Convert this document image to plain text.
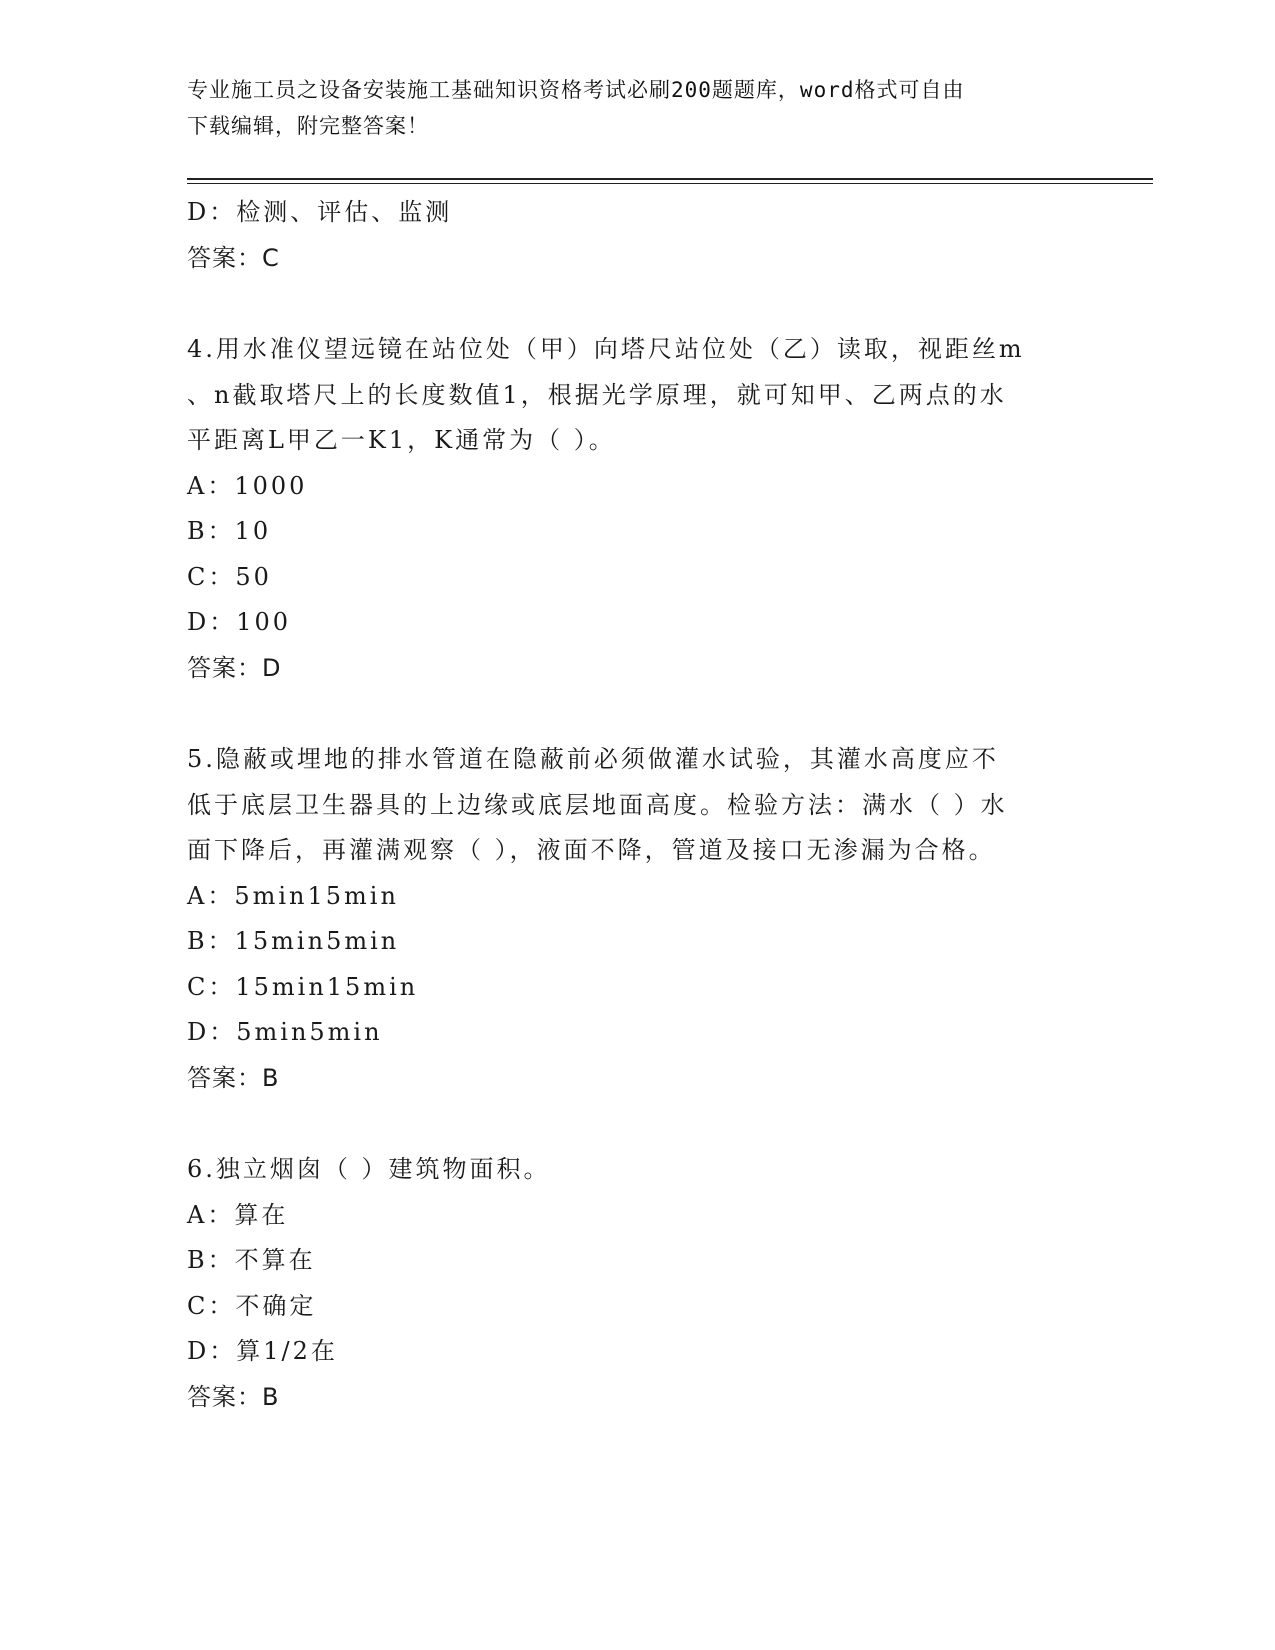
专业施工员之设备安装施工基础知识资格考试必刷200题题库，word格式可自由
下载编辑，附完整答案！
D：检测、评估、监测
答案：C
4.用水准仪望远镜在站位处（甲）向塔尺站位处（乙）读取，视距丝m
、n截取塔尺上的长度数值1，根据光学原理，就可知甲、乙两点的水
平距离L甲乙一K1，K通常为（ ）。
A：1000
B：10
C：50
D：100
答案：D
5.隐蔽或埋地的排水管道在隐蔽前必须做灌水试验，其灌水高度应不
低于底层卫生器具的上边缘或底层地面高度。检验方法：满水（ ）水
面下降后，再灌满观察（ ），液面不降，管道及接口无渗漏为合格。
A：5min15min
B：15min5min
C：15min15min
D：5min5min
答案：B
6.独立烟囱（ ）建筑物面积。
A：算在
B：不算在
C：不确定
D：算1/2在
答案：B
